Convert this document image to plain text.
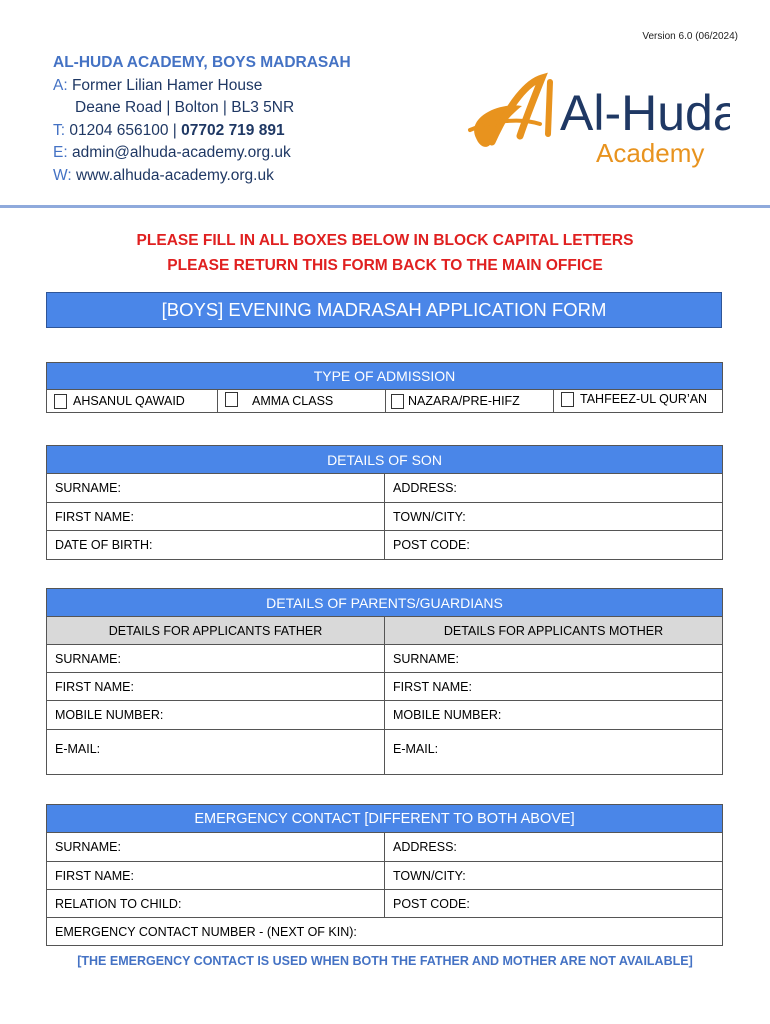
Version 6.0 (06/2024)
AL-HUDA ACADEMY, BOYS MADRASAH
A: Former Lilian Hamer House
Deane Road | Bolton | BL3 5NR
T: 01204 656100 | 07702 719 891
E: admin@alhuda-academy.org.uk
W: www.alhuda-academy.org.uk
Al-Huda
Academy
PLEASE FILL IN ALL BOXES BELOW IN BLOCK CAPITAL LETTERS
PLEASE RETURN THIS FORM BACK TO THE MAIN OFFICE
[BOYS] EVENING MADRASAH APPLICATION FORM
TYPE OF ADMISSION
AHSANUL QAWAID	AMMA CLASS	NAZARA/PRE-HIFZ	TAHFEEZ-UL QUR’AN
DETAILS OF SON
SURNAME:	ADDRESS:
FIRST NAME:	TOWN/CITY:
DATE OF BIRTH:	POST CODE:
DETAILS OF PARENTS/GUARDIANS
DETAILS FOR APPLICANTS FATHER	DETAILS FOR APPLICANTS MOTHER
SURNAME:	SURNAME:
FIRST NAME:	FIRST NAME:
MOBILE NUMBER:	MOBILE NUMBER:
E-MAIL:	E-MAIL:
EMERGENCY CONTACT [DIFFERENT TO BOTH ABOVE]
SURNAME:	ADDRESS:
FIRST NAME:	TOWN/CITY:
RELATION TO CHILD:	POST CODE:
EMERGENCY CONTACT NUMBER - (NEXT OF KIN):
[THE EMERGENCY CONTACT IS USED WHEN BOTH THE FATHER AND MOTHER ARE NOT AVAILABLE]
